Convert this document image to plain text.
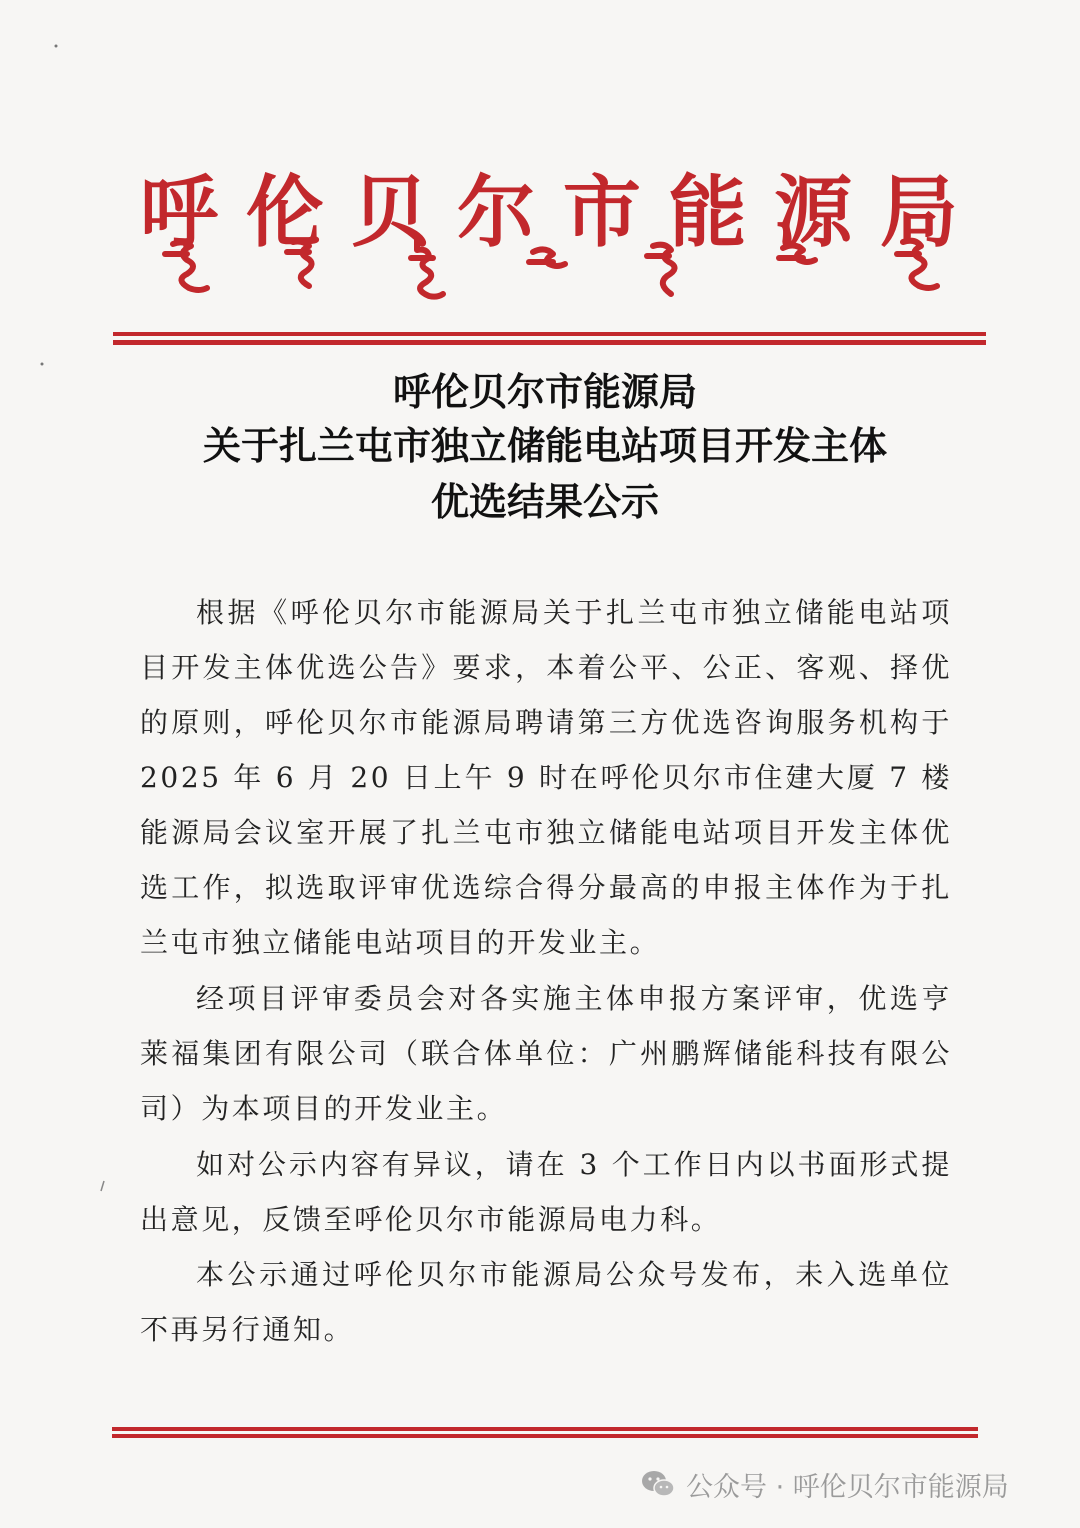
呼 伦 贝 尔 市 能 源 局
呼伦贝尔市能源局
关于扎兰屯市独立储能电站项目开发主体
优选结果公示

根据《呼伦贝尔市能源局关于扎兰屯市独立储能电站项目开发主体优选公告》要求，本着公平、公正、客观、择优的原则，呼伦贝尔市能源局聘请第三方优选咨询服务机构于 2025 年 6 月 20 日上午 9 时在呼伦贝尔市住建大厦 7 楼能源局会议室开展了扎兰屯市独立储能电站项目开发主体优选工作，拟选取评审优选综合得分最高的申报主体作为于扎兰屯市独立储能电站项目的开发业主。

经项目评审委员会对各实施主体申报方案评审，优选亨莱福集团有限公司（联合体单位：广州鹏辉储能科技有限公司）为本项目的开发业主。

如对公示内容有异议，请在 3 个工作日内以书面形式提出意见，反馈至呼伦贝尔市能源局电力科。

本公示通过呼伦贝尔市能源局公众号发布，未入选单位不再另行通知。

公众号 · 呼伦贝尔市能源局
